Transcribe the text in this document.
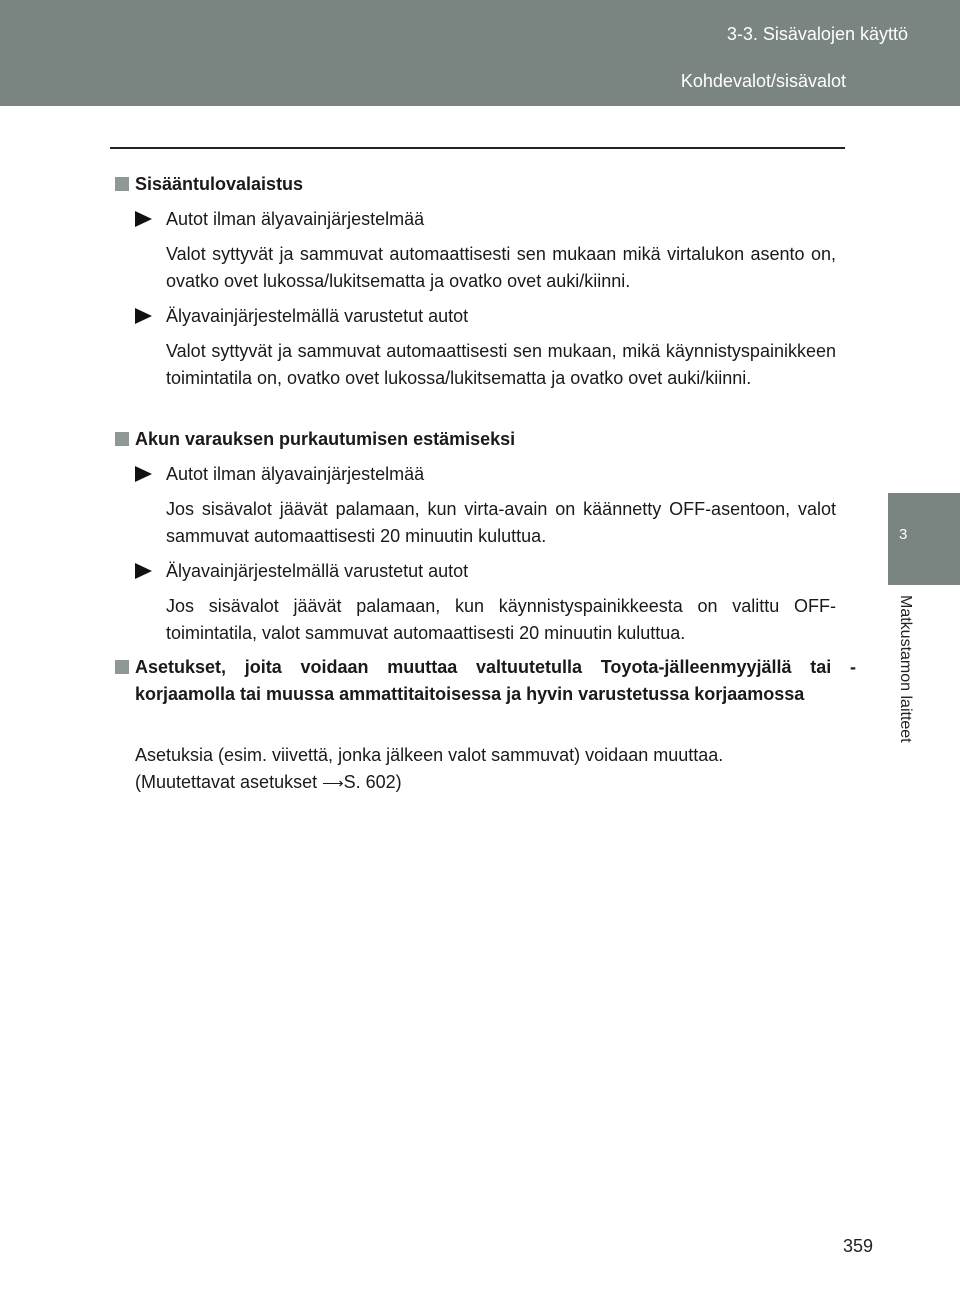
3-3. Sisävalojen käyttö
Kohdevalot/sisävalot
3
Matkustamon laitteet
Sisääntulovalaistus
Autot ilman älyavainjärjestelmää
Valot syttyvät ja sammuvat automaattisesti sen mukaan mikä virtalukon asento on, ovatko ovet lukossa/lukitsematta ja ovatko ovet auki/kiinni.
Älyavainjärjestelmällä varustetut autot
Valot syttyvät ja sammuvat automaattisesti sen mukaan, mikä käynnistyspainikkeen toimintatila on, ovatko ovet lukossa/lukitsematta ja ovatko ovet auki/kiinni.
Akun varauksen purkautumisen estämiseksi
Autot ilman älyavainjärjestelmää
Jos sisävalot jäävät palamaan, kun virta-avain on käännetty OFF-asentoon, valot sammuvat automaattisesti 20 minuutin kuluttua.
Älyavainjärjestelmällä varustetut autot
Jos sisävalot jäävät palamaan, kun käynnistyspainikkeesta on valittu OFF-toimintatila, valot sammuvat automaattisesti 20 minuutin kuluttua.
Asetukset, joita voidaan muuttaa valtuutetulla Toyota-jälleenmyyjällä tai -korjaamolla tai muussa ammattitaitoisessa ja hyvin varustetussa korjaamossa
Asetuksia (esim. viivettä, jonka jälkeen valot sammuvat) voidaan muuttaa.
(Muutettavat asetukset ⟶S. 602)
359
